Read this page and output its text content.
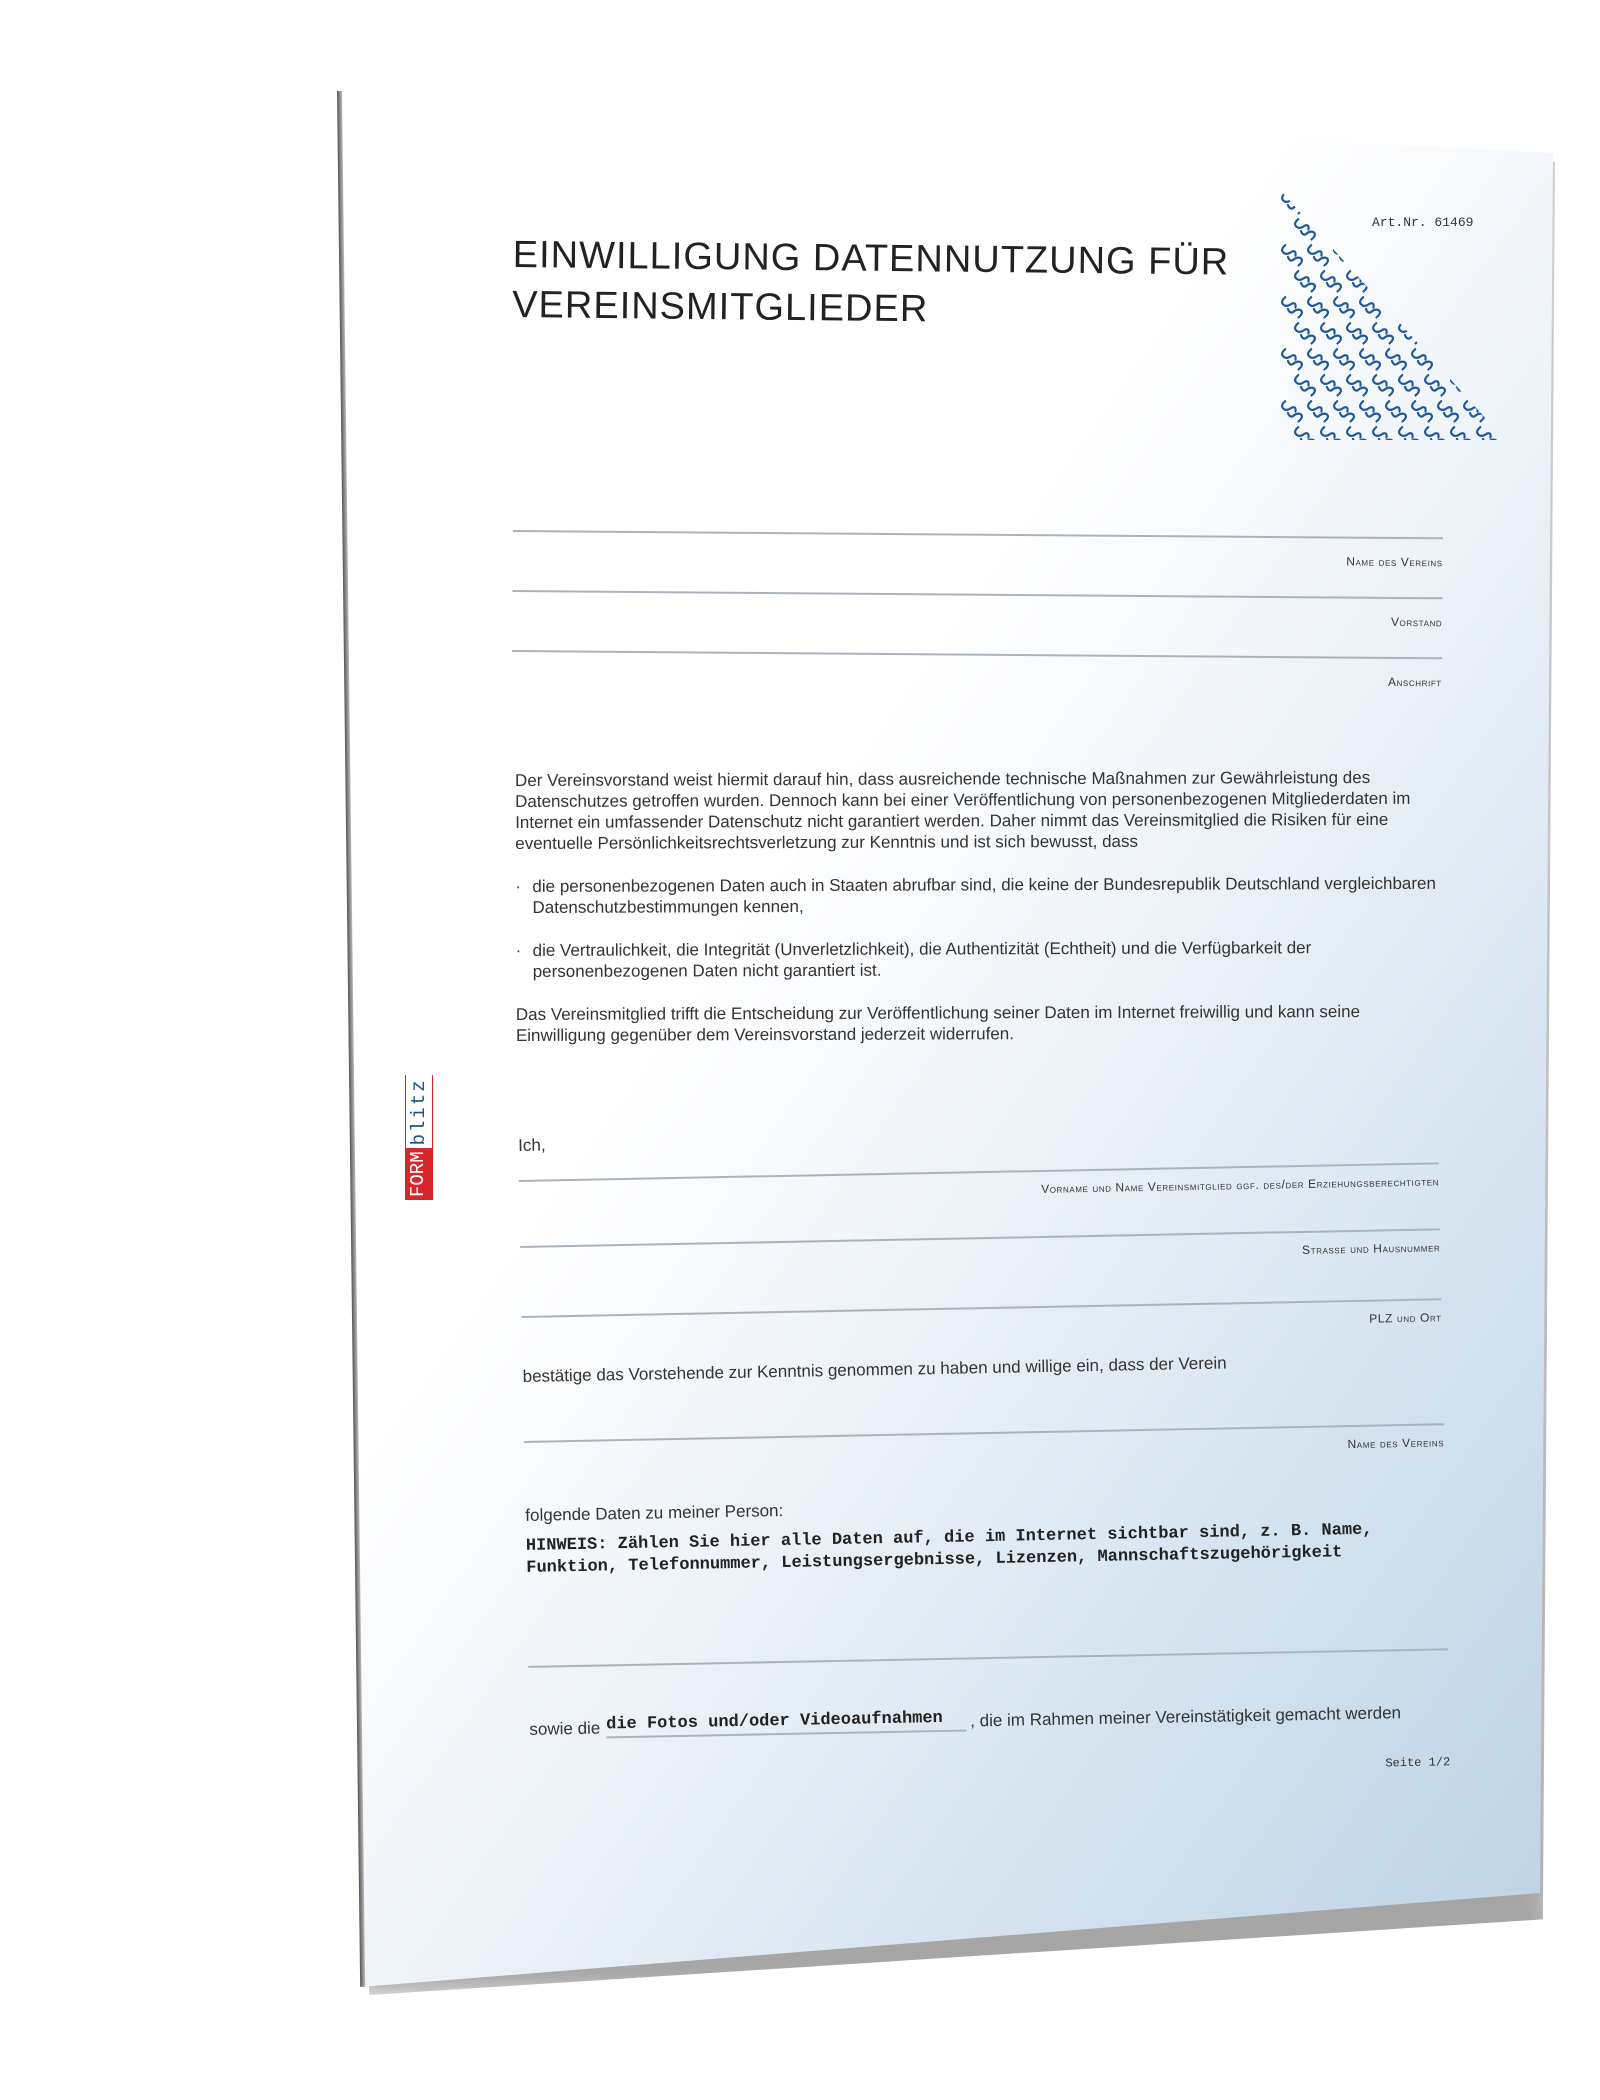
EINWILLIGUNG DATENNUTZUNG FÜR
VEREINSMITGLIEDER
Art.Nr. 61469
FORM
blitz
Name des Vereins
Vorstand
Anschrift

Der Vereinsvorstand weist hiermit darauf hin, dass ausreichende technische Maßnahmen zur Gewährleistung des Datenschutzes getroffen wurden. Dennoch kann bei einer Veröffentlichung von personenbezogenen Mitgliederdaten im Internet ein umfassender Datenschutz nicht garantiert werden. Daher nimmt das Vereinsmitglied die Risiken für eine eventuelle Persönlichkeitsrechtsverletzung zur Kenntnis und ist sich bewusst, dass

· die personenbezogenen Daten auch in Staaten abrufbar sind, die keine der Bundesrepublik Deutschland vergleichbaren Datenschutzbestimmungen kennen,
· die Vertraulichkeit, die Integrität (Unverletzlichkeit), die Authentizität (Echtheit) und die Verfügbarkeit der personenbezogenen Daten nicht garantiert ist.

Das Vereinsmitglied trifft die Entscheidung zur Veröffentlichung seiner Daten im Internet freiwillig und kann seine Einwilligung gegenüber dem Vereinsvorstand jederzeit widerrufen.

Ich,
Vorname und Name Vereinsmitglied ggf. des/der Erziehungsberechtigten
Strasse und Hausnummer
PLZ und Ort
bestätige das Vorstehende zur Kenntnis genommen zu haben und willige ein, dass der Verein
Name des Vereins
folgende Daten zu meiner Person:
HINWEIS: Zählen Sie hier alle Daten auf, die im Internet sichtbar sind, z. B. Name, Funktion, Telefonnummer, Leistungsergebnisse, Lizenzen, Mannschaftszugehörigkeit
sowie die die Fotos und/oder Videoaufnahmen	, die im Rahmen meiner Vereinstätigkeit gemacht werden
Seite 1/2
